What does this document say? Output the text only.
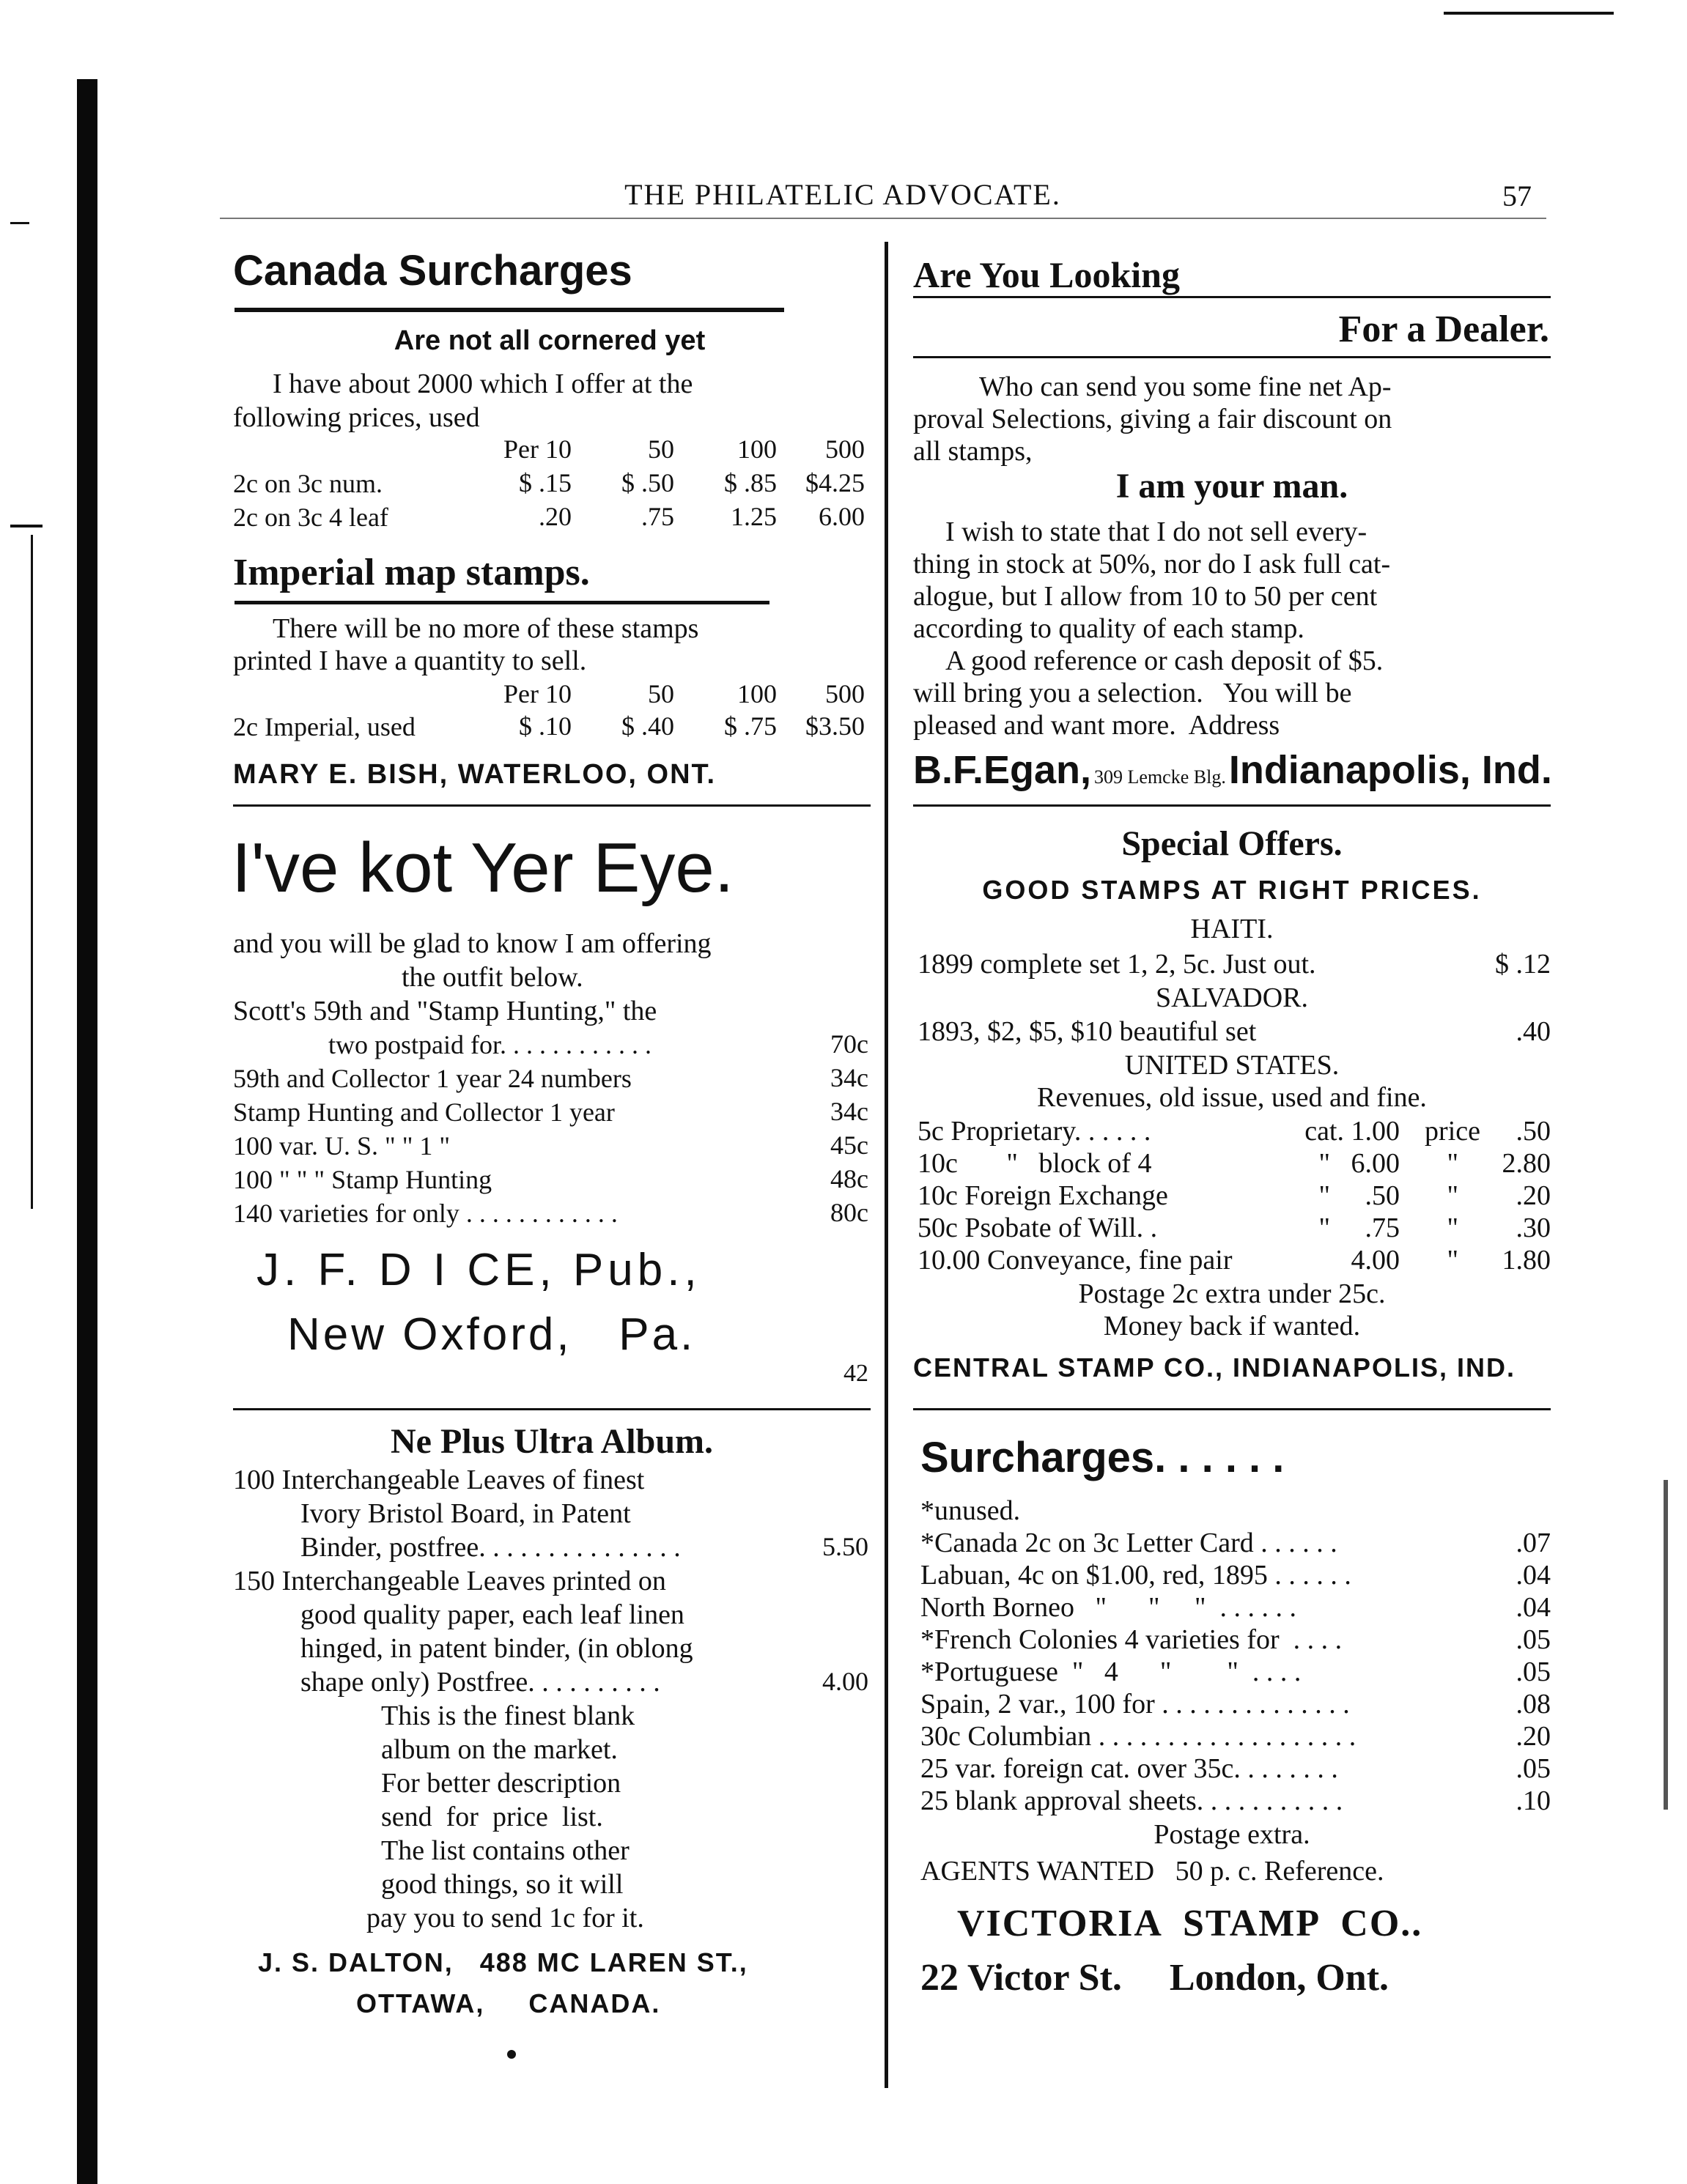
THE PHILATELIC ADVOCATE.	57
Canada Surcharges
Are not all cornered yet
I have about 2000 which I offer at the
following prices, used
Per 10	50	100	500
2c on 3c num.	$ .15	$ .50	$ .85	$4.25
2c on 3c 4 leaf	.20	.75	1.25	6.00
Imperial map stamps.
There will be no more of these stamps
printed I have a quantity to sell.
Per 10	50	100	500
2c Imperial, used	$ .10	$ .40	$ .75	$3.50
MARY E. BISH, WATERLOO, ONT.
I've kot Yer Eye.
and you will be glad to know I am offering
the outfit below.
Scott's 59th and "Stamp Hunting," the
two postpaid for. . . . . . . . . . . .	70c
59th and Collector 1 year 24 numbers	34c
Stamp Hunting and Collector 1 year	34c
100 var. U. S. " " 1 "	45c
100 " " " Stamp Hunting	48c
140 varieties for only . . . . . . . . . . . .	80c
J. F. D I CE, Pub.,
New Oxford,   Pa.
42
Ne Plus Ultra Album.
100 Interchangeable Leaves of finest
Ivory Bristol Board, in Patent
Binder, postfree. . . . . . . . . . . . . . .	5.50
150 Interchangeable Leaves printed on
good quality paper, each leaf linen
hinged, in patent binder, (in oblong
shape only) Postfree. . . . . . . . . .	4.00
This is the finest blank
album on the market.
For better description
send  for  price  list.
The list contains other
good things, so it will
pay you to send 1c for it.
J. S. DALTON,   488 MC LAREN ST.,
OTTAWA,     CANADA.
Are You Looking
For a Dealer.
Who can send you some fine net Ap-
proval Selections, giving a fair discount on
all stamps,
I am your man.
I wish to state that I do not sell every-
thing in stock at 50%, nor do I ask full cat-
alogue, but I allow from 10 to 50 per cent
according to quality of each stamp.
A good reference or cash deposit of $5.
will bring you a selection.   You will be
pleased and want more.  Address
B.F.Egan, 309 Lemcke Blg. Indianapolis, Ind.
Special Offers.
GOOD STAMPS AT RIGHT PRICES.
HAITI.
1899 complete set 1, 2, 5c. Just out.	$ .12
SALVADOR.
1893, $2, $5, $10 beautiful set	.40
UNITED STATES.
Revenues, old issue, used and fine.
5c Proprietary. . . . . .	cat. 1.00 price	.50
10c       "   block of 4	"   6.00	"	2.80
10c Foreign Exchange	"     .50	"	.20
50c Psobate of Will. .	"     .75	"	.30
10.00 Conveyance, fine pair	4.00	"	1.80
Postage 2c extra under 25c.
Money back if wanted.
CENTRAL STAMP CO., INDIANAPOLIS, IND.
Surcharges. . . . . .
*unused.
*Canada 2c on 3c Letter Card . . . . . .	.07
Labuan, 4c on $1.00, red, 1895 . . . . . .	.04
North Borneo   "      "     "  . . . . . .	.04
*French Colonies 4 varieties for  . . . .	.05
*Portuguese  "   4      "        "  . . . .	.05
Spain, 2 var., 100 for . . . . . . . . . . . . . .	.08
30c Columbian . . . . . . . . . . . . . . . . . . .	.20
25 var. foreign cat. over 35c. . . . . . . .	.05
25 blank approval sheets. . . . . . . . . . .	.10
Postage extra.
AGENTS WANTED   50 p. c. Reference.
VICTORIA  STAMP  CO..
22 Victor St.     London, Ont.
